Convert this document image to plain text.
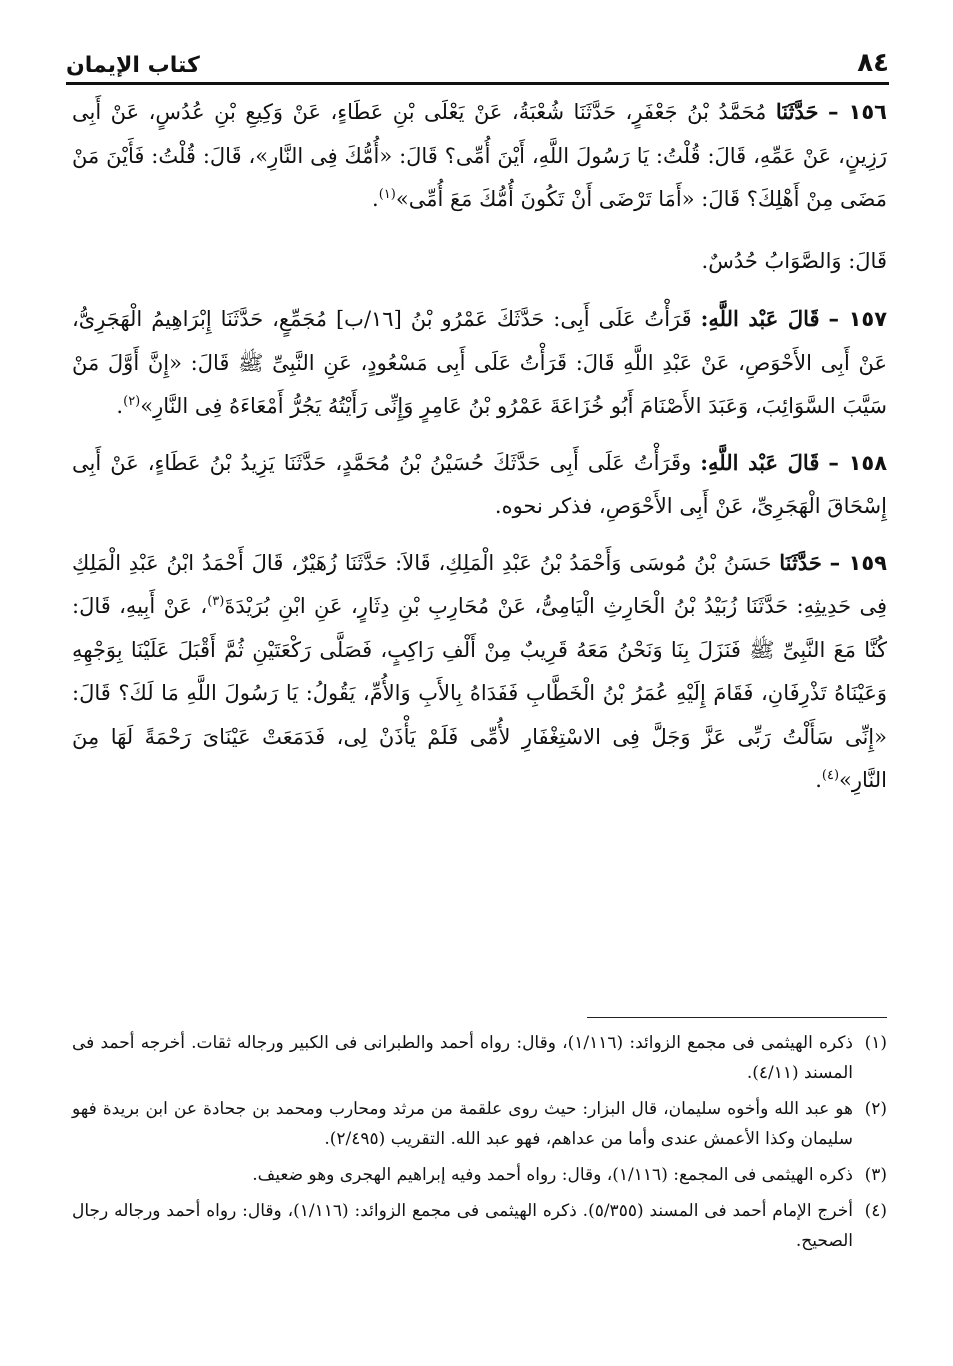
٨٤
كتاب الإيمان

١٥٦ – حَدَّثَنَا مُحَمَّدُ بْنُ جَعْفَرٍ، حَدَّثَنَا شُعْبَةُ، عَنْ يَعْلَى بْنِ عَطَاءٍ، عَنْ وَكِيعِ بْنِ عُدُسٍ، عَنْ أَبِى رَزِينٍ، عَنْ عَمِّهِ، قَالَ: قُلْتُ: يَا رَسُولَ اللَّهِ، أَيْنَ أُمِّى؟ قَالَ: «أُمُّكَ فِى النَّارِ»، قَالَ: قُلْتُ: فَأَيْنَ مَنْ مَضَى مِنْ أَهْلِكَ؟ قَالَ: «أَمَا تَرْضَى أَنْ تَكُونَ أُمُّكَ مَعَ أُمِّى»$^{(١)}$.

قَالَ: وَالصَّوَابُ حُدُسٌ.

١٥٧ – قَالَ عَبْد اللَّهِ: قَرَأْتُ عَلَى أَبِى: حَدَّثَكَ عَمْرُو بْنُ [١٦/ب] مُجَمِّعٍ، حَدَّثَنَا إِبْرَاهِيمُ الْهَجَرِىُّ، عَنْ أَبِى الأَحْوَصِ، عَنْ عَبْدِ اللَّهِ قَالَ: قَرَأْتُ عَلَى أَبِى مَسْعُودٍ، عَنِ النَّبِىِّ ﷺ قَالَ: «إِنَّ أَوَّلَ مَنْ سَيَّبَ السَّوَائِبَ، وَعَبَدَ الأَصْنَامَ أَبُو خُزَاعَةَ عَمْرُو بْنُ عَامِرٍ وَإِنِّى رَأَيْتُهُ يَجُرُّ أَمْعَاءَهُ فِى النَّارِ»$^{(٢)}$.

١٥٨ – قَالَ عَبْد اللَّهِ: وقَرَأْتُ عَلَى أَبِى حَدَّثَكَ حُسَيْنُ بْنُ مُحَمَّدٍ، حَدَّثَنَا يَزِيدُ بْنُ عَطَاءٍ، عَنْ أَبِى إِسْحَاقَ الْهَجَرِىِّ، عَنْ أَبِى الأَحْوَصِ، فذكر نحوه.

١٥٩ – حَدَّثَنَا حَسَنُ بْنُ مُوسَى وَأَحْمَدُ بْنُ عَبْدِ الْمَلِكِ، قَالاَ: حَدَّثَنَا زُهَيْرٌ، قَالَ أَحْمَدُ ابْنُ عَبْدِ الْمَلِكِ فِى حَدِيثِهِ: حَدَّثَنَا زُبَيْدُ بْنُ الْحَارِثِ الْيَامِىُّ، عَنْ مُحَارِبِ بْنِ دِثَارٍ، عَنِ ابْنِ بُرَيْدَةَ$^{(٣)}$، عَنْ أَبِيهِ، قَالَ: كُنَّا مَعَ النَّبِىِّ ﷺ فَنَزَلَ بِنَا وَنَحْنُ مَعَهُ قَرِيبٌ مِنْ أَلْفِ رَاكِبٍ، فَصَلَّى رَكْعَتَيْنِ ثُمَّ أَقْبَلَ عَلَيْنَا بِوَجْهِهِ وَعَيْنَاهُ تَذْرِفَانِ، فَقَامَ إِلَيْهِ عُمَرُ بْنُ الْخَطَّابِ فَفَدَاهُ بِالأَبِ وَالأُمِّ، يَقُولُ: يَا رَسُولَ اللَّهِ مَا لَكَ؟ قَالَ: «إِنِّى سَأَلْتُ رَبِّى عَزَّ وَجَلَّ فِى الاسْتِغْفَارِ لأُمِّى فَلَمْ يَأْذَنْ لِى، فَدَمَعَتْ عَيْنَاىَ رَحْمَةً لَهَا مِنَ النَّارِ»$^{(٤)}$.

(١)ذكره الهيثمى فى مجمع الزوائد: (١/١١٦)، وقال: رواه أحمد والطبرانى فى الكبير ورجاله ثقات. أخرجه أحمد فى المسند (٤/١١).

(٢)هو عبد الله وأخوه سليمان، قال البزار: حيث روى علقمة من مرثد ومحارب ومحمد بن جحادة عن ابن بريدة فهو سليمان وكذا الأعمش عندى وأما من عداهم، فهو عبد الله. التقريب (٢/٤٩٥).

(٣)ذكره الهيثمى فى المجمع: (١/١١٦)، وقال: رواه أحمد وفيه إبراهيم الهجرى وهو ضعيف.

(٤)أخرج الإمام أحمد فى المسند (٥/٣٥٥). ذكره الهيثمى فى مجمع الزوائد: (١/١١٦)، وقال: رواه أحمد ورجاله رجال الصحيح.
